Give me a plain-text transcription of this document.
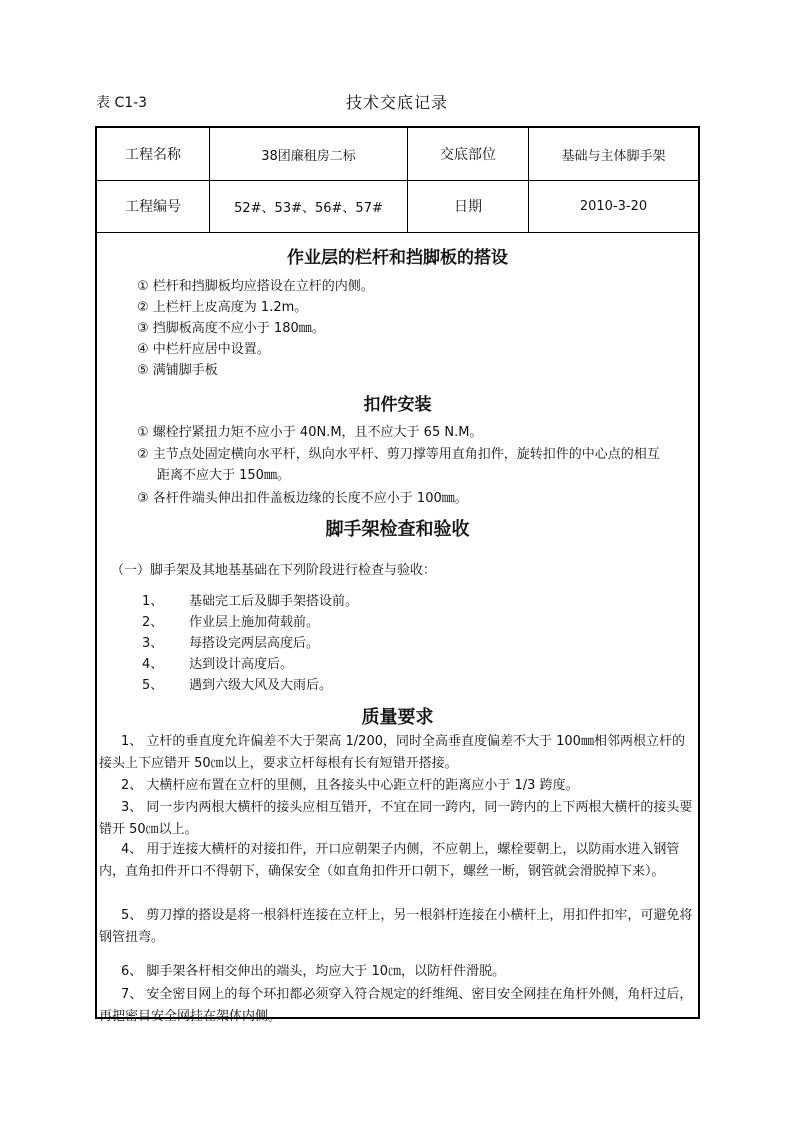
表 C1-3	技术交底记录
工程名称	38团廉租房二标	交底部位	基础与主体脚手架
工程编号	52#、53#、56#、57#	日期	2010-3-20
作业层的栏杆和挡脚板的搭设
① 栏杆和挡脚板均应搭设在立杆的内侧。
② 上栏杆上皮高度为 1.2m。
③ 挡脚板高度不应小于 180㎜。
④ 中栏杆应居中设置。
⑤ 满铺脚手板
扣件安装
① 螺栓拧紧扭力矩不应小于 40N.M，且不应大于 65 N.M。
② 主节点处固定横向水平杆，纵向水平杆、剪刀撑等用直角扣件，旋转扣件的中心点的相互
距离不应大于 150㎜。
③ 各杆件端头伸出扣件盖板边缘的长度不应小于 100㎜。
脚手架检查和验收
（一）脚手架及其地基基础在下列阶段进行检查与验收：
1、 基础完工后及脚手架搭设前。
2、 作业层上施加荷载前。
3、 每搭设完两层高度后。
4、 达到设计高度后。
5、 遇到六级大风及大雨后。
质量要求
1、 立杆的垂直度允许偏差不大于架高 1/200，同时全高垂直度偏差不大于 100㎜相邻两根立杆的接头上下应错开 50㎝以上，要求立杆每根有长有短错开搭接。
2、 大横杆应布置在立杆的里侧，且各接头中心距立杆的距离应小于 1/3 跨度。
3、 同一步内两根大横杆的接头应相互错开，不宜在同一跨内，同一跨内的上下两根大横杆的接头要错开 50㎝以上。
4、 用于连接大横杆的对接扣件，开口应朝架子内侧，不应朝上，螺栓要朝上，以防雨水进入钢管内，直角扣件开口不得朝下，确保安全（如直角扣件开口朝下，螺丝一断，钢管就会滑脱掉下来）。
5、 剪刀撑的搭设是将一根斜杆连接在立杆上，另一根斜杆连接在小横杆上，用扣件扣牢，可避免将钢管扭弯。
6、 脚手架各杆相交伸出的端头，均应大于 10㎝，以防杆件滑脱。
7、 安全密目网上的每个环扣都必须穿入符合规定的纤维绳、密目安全网挂在角杆外侧，角杆过后，再把密目安全网挂在架体内侧。
